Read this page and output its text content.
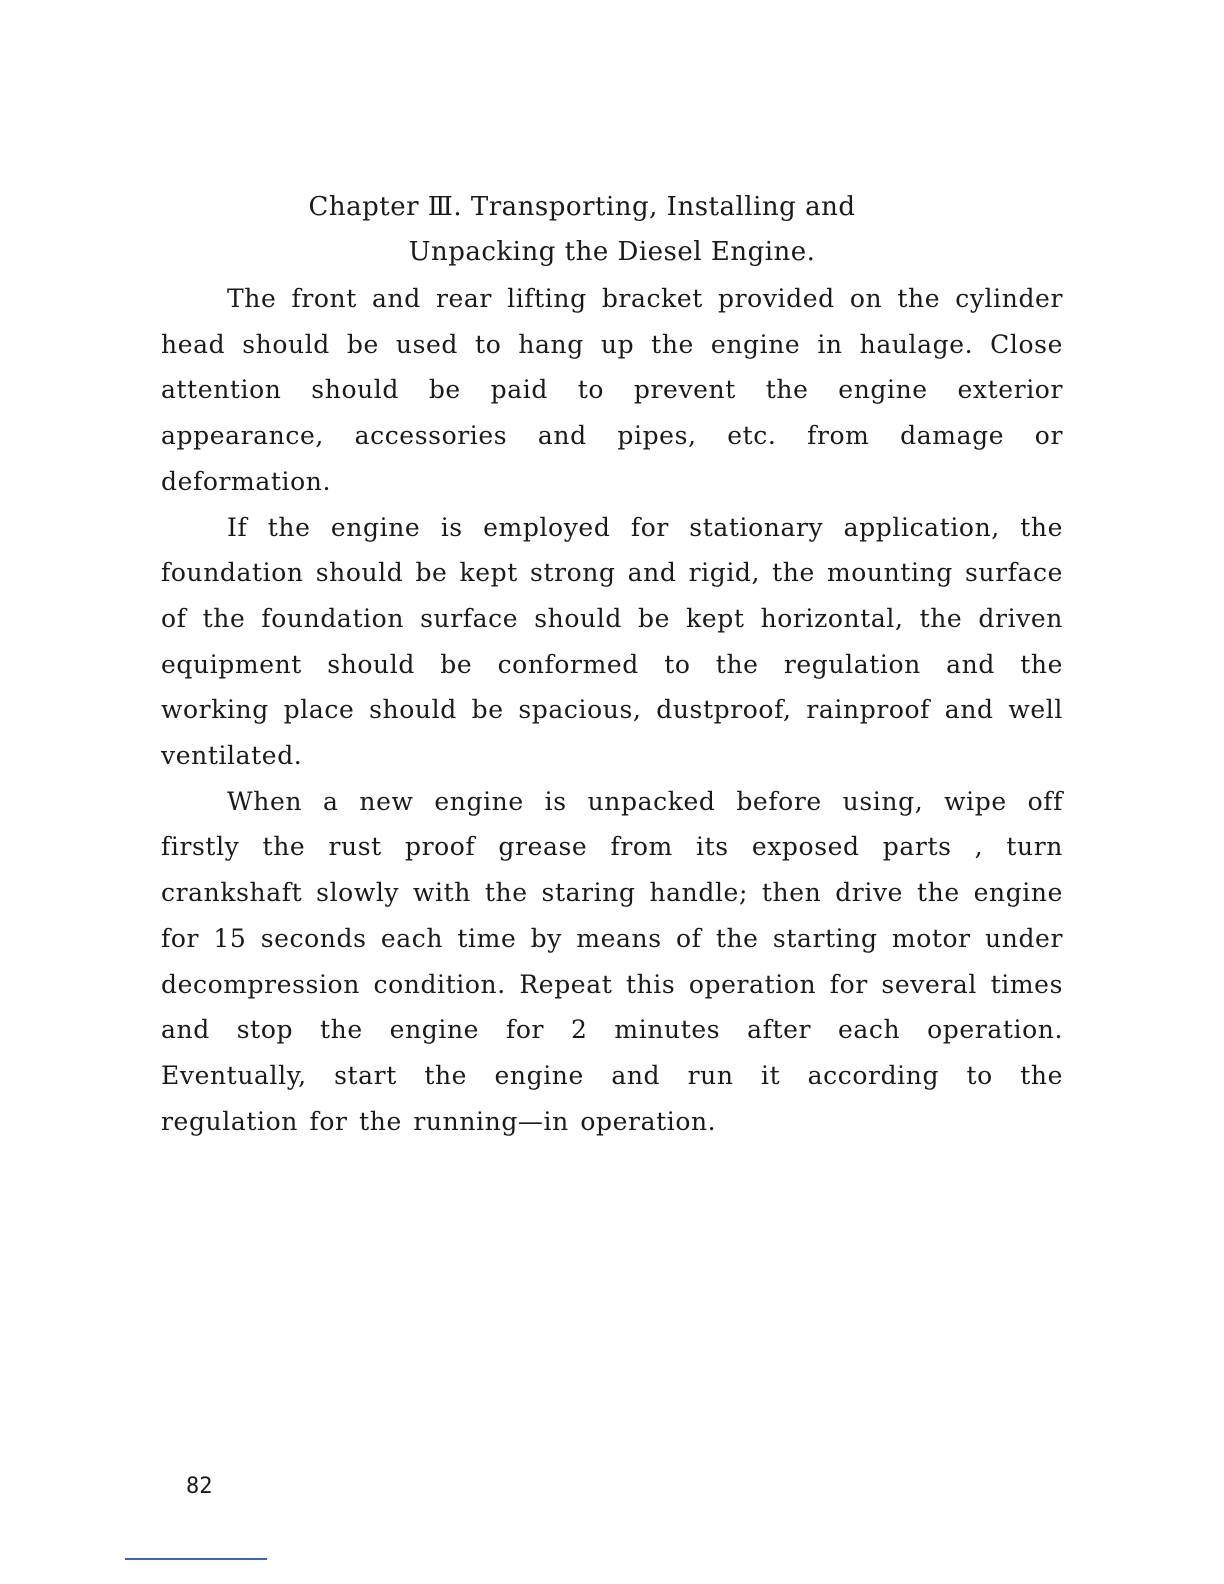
Chapter Ⅲ. Transporting, Installing and
Unpacking the Diesel Engine.

The front and rear lifting bracket provided on the cylinder head should be used to hang up the engine in haulage. Close attention should be paid to prevent the engine exterior appearance, accessories and pipes, etc. from damage or deformation.

If the engine is employed for stationary application, the foundation should be kept strong and rigid, the mounting surface of the foundation surface should be kept horizontal, the driven equipment should be conformed to the regulation and the working place should be spacious, dustproof, rainproof and well ventilated.

When a new engine is unpacked before using, wipe off firstly the rust proof grease from its exposed parts , turn crankshaft slowly with the staring handle; then drive the engine for 15 seconds each time by means of the starting motor under decompression condition. Repeat this operation for several times and stop the engine for 2 minutes after each operation. Eventually, start the engine and run it according to the regulation for the running—in operation.

82
